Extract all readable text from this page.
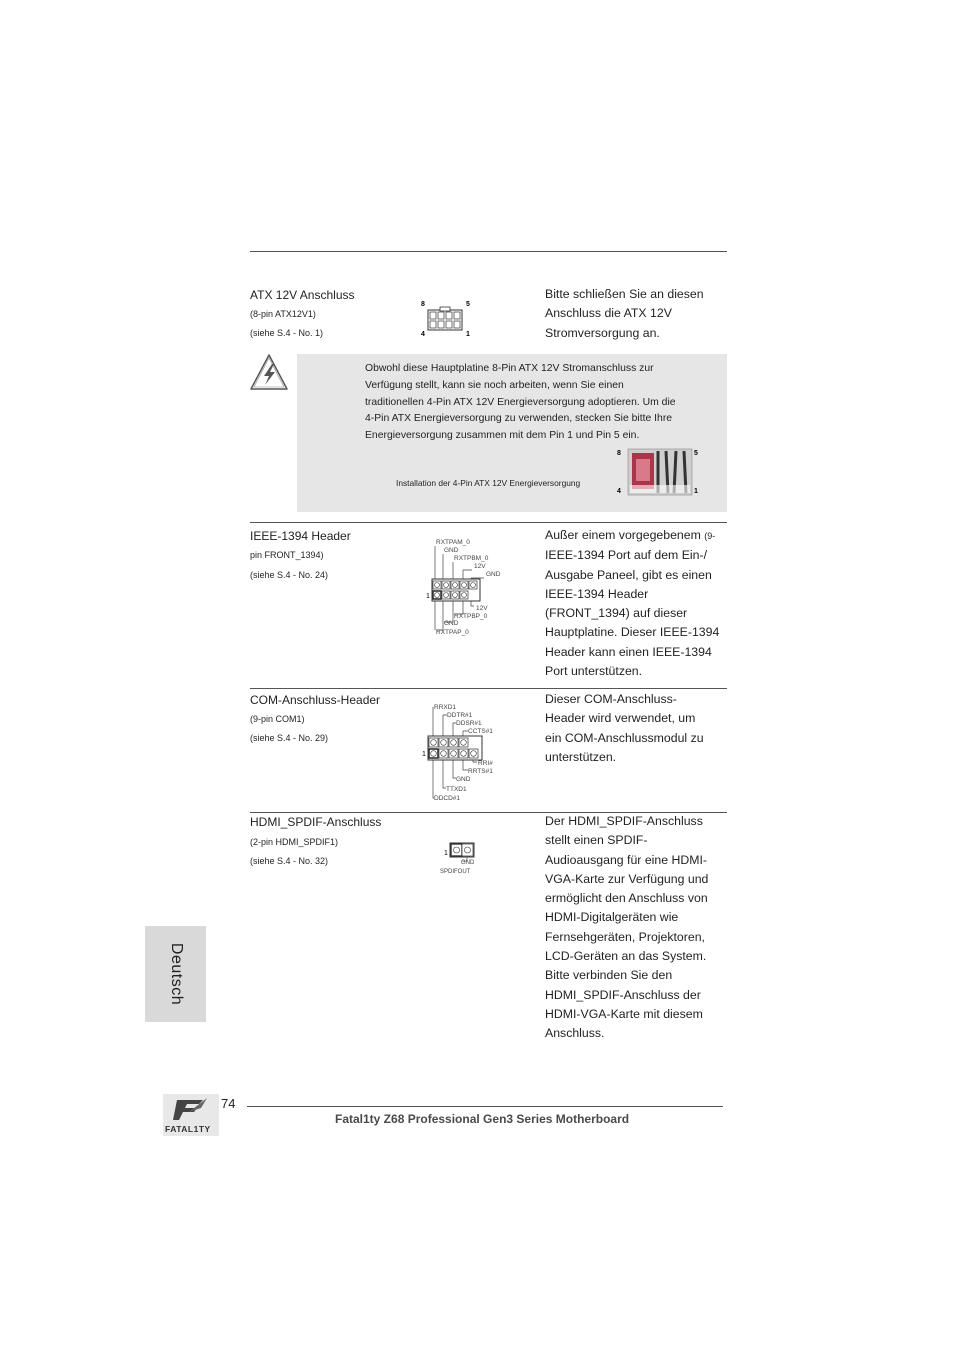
ATX 12V Anschluss
(8-pin ATX12V1)
(siehe S.4 - No. 1)
8	5
4	1
Bitte schließen Sie an diesen
Anschluss die ATX 12V
Stromversorgung an.
Obwohl diese Hauptplatine 8-Pin ATX 12V Stromanschluss zur
Verfügung stellt, kann sie noch arbeiten, wenn Sie einen
traditionellen 4-Pin ATX 12V Energieversorgung adoptieren. Um die
4-Pin ATX Energieversorgung zu verwenden, stecken Sie bitte Ihre
Energieversorgung zusammen mit dem Pin 1 und Pin 5 ein.
Installation der 4-Pin ATX 12V Energieversorgung
8	5
4	1
IEEE-1394 Header
pin FRONT_1394)
(siehe S.4 - No. 24)
RXTPAM_0
GND
RXTPBM_0
12V
GND
12V
RXTPBP_0
GND
RXTPAP_0
1
Außer einem vorgegebenem (9-
IEEE-1394 Port auf dem Ein-/
Ausgabe Paneel, gibt es einen
IEEE-1394 Header
(FRONT_1394) auf dieser
Hauptplatine. Dieser IEEE-1394
Header kann einen IEEE-1394
Port unterstützen.
COM-Anschluss-Header
(9-pin COM1)
(siehe S.4 - No. 29)
RRXD1
DDTR#1
DDSR#1
CCTS#1
RRI#
RRTS#1
GND
TTXD1
DDCD#1
1
Dieser COM-Anschluss-
Header wird verwendet, um
ein COM-Anschlussmodul zu
unterstützen.
HDMI_SPDIF-Anschluss
(2-pin HDMI_SPDIF1)
(siehe S.4 - No. 32)
1
GND
SPDIFOUT
Der HDMI_SPDIF-Anschluss
stellt einen SPDIF-
Audioausgang für eine HDMI-
VGA-Karte zur Verfügung und
ermöglicht den Anschluss von
HDMI-Digitalgeräten wie
Fernsehgeräten, Projektoren,
LCD-Geräten an das System.
Bitte verbinden Sie den
HDMI_SPDIF-Anschluss der
HDMI-VGA-Karte mit diesem
Anschluss.
Deutsch
FATAL1TY
74
Fatal1ty Z68 Professional Gen3 Series Motherboard
